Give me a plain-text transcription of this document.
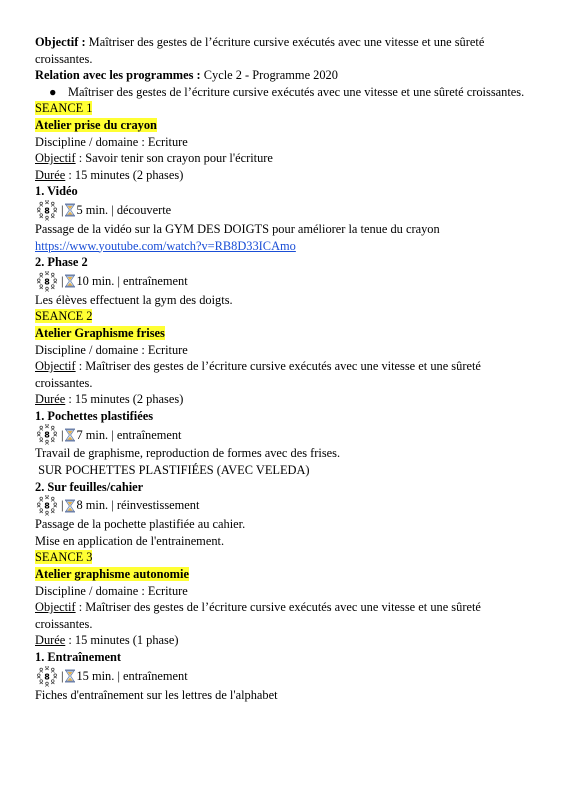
Objectif : Maîtriser des gestes de l’écriture cursive exécutés avec une vitesse et une sûreté croissantes.
Relation avec les programmes : Cycle 2 - Programme 2020
● Maîtriser des gestes de l’écriture cursive exécutés avec une vitesse et une sûreté croissantes.
SEANCE 1
Atelier prise du crayon
Discipline / domaine : Ecriture
Objectif : Savoir tenir son crayon pour l'écriture
Durée : 15 minutes (2 phases)
1. Vidéo
8 | 5 min. | découverte
Passage de la vidéo sur la GYM DES DOIGTS pour améliorer la tenue du crayon
https://www.youtube.com/watch?v=RB8D33ICAmo
2. Phase 2
8 | 10 min. | entraînement
Les élèves effectuent la gym des doigts.
SEANCE 2
Atelier Graphisme frises
Discipline / domaine : Ecriture
Objectif : Maîtriser des gestes de l’écriture cursive exécutés avec une vitesse et une sûreté croissantes.
Durée : 15 minutes (2 phases)
1. Pochettes plastifiées
8 | 7 min. | entraînement
Travail de graphisme, reproduction de formes avec des frises.
SUR POCHETTES PLASTIFIÉES (AVEC VELEDA)
2. Sur feuilles/cahier
8 | 8 min. | réinvestissement
Passage de la pochette plastifiée au cahier.
Mise en application de l'entrainement.
SEANCE 3
Atelier graphisme autonomie
Discipline / domaine : Ecriture
Objectif : Maîtriser des gestes de l’écriture cursive exécutés avec une vitesse et une sûreté croissantes.
Durée : 15 minutes (1 phase)
1. Entraînement
8 | 15 min. | entraînement
Fiches d'entraînement sur les lettres de l'alphabet
